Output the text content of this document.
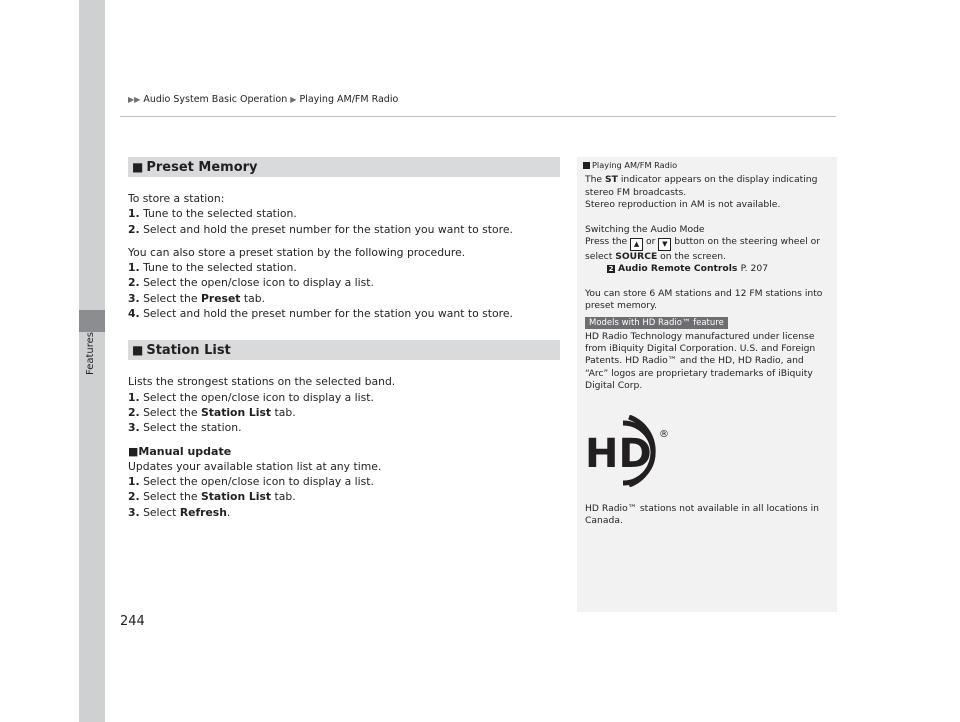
Features
244
▶▶ Audio System Basic Operation ▶ Playing AM/FM Radio
■ Preset Memory

To store a station:

1. Tune to the selected station.

2. Select and hold the preset number for the station you want to store.

You can also store a preset station by the following procedure.

1. Tune to the selected station.

2. Select the open/close icon to display a list.

3. Select the Preset tab.

4. Select and hold the preset number for the station you want to store.

■ Station List

Lists the strongest stations on the selected band.

1. Select the open/close icon to display a list.

2. Select the Station List tab.

3. Select the station.

■Manual update

Updates your available station list at any time.

1. Select the open/close icon to display a list.

2. Select the Station List tab.

3. Select Refresh.

Playing AM/FM Radio

The ST indicator appears on the display indicating stereo FM broadcasts.

Stereo reproduction in AM is not available.

Switching the Audio Mode

Press the ▲ or ▼ button on the steering wheel or select SOURCE on the screen.

2 Audio Remote Controls P. 207

You can store 6 AM stations and 12 FM stations into preset memory.

Models with HD Radio™ feature

HD Radio Technology manufactured under license from iBiquity Digital Corporation. U.S. and Foreign Patents. HD Radio™ and the HD, HD Radio, and “Arc” logos are proprietary trademarks of iBiquity Digital Corp.

HD ®

HD Radio™ stations not available in all locations in Canada.
